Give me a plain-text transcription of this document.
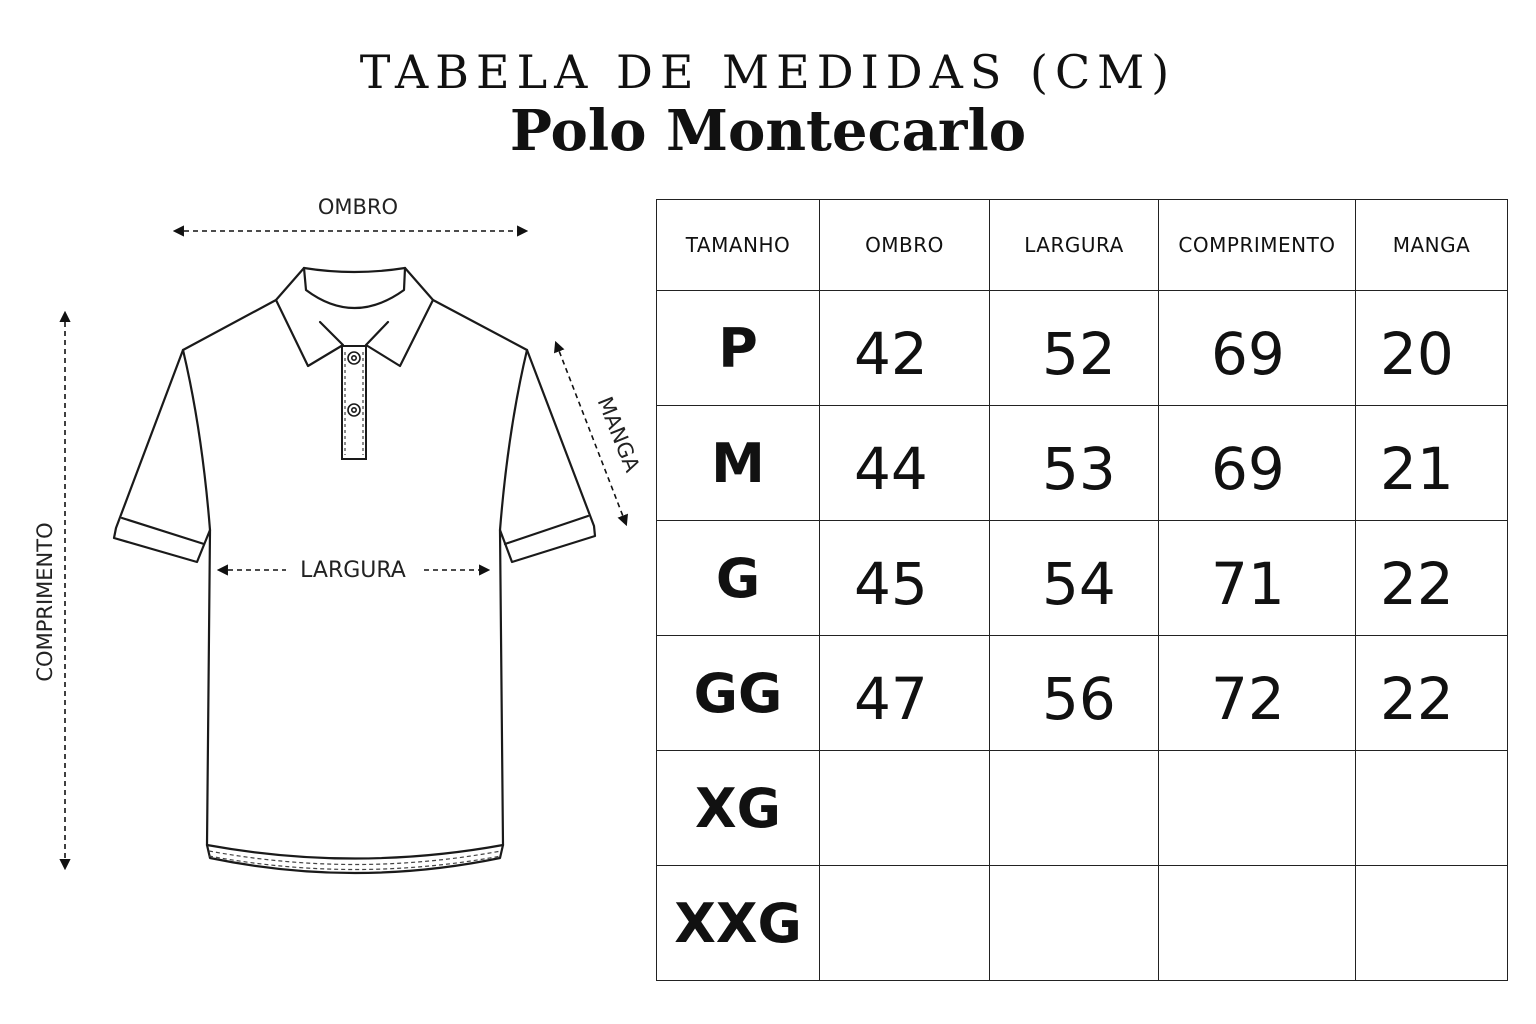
TABELA DE MEDIDAS (CM)
Polo Montecarlo
OMBRO
MANGA
LARGURA
COMPRIMENTO
TAMANHO	OMBRO	LARGURA	COMPRIMENTO	MANGA
P	42	52	69	20
M	44	53	69	21
G	45	54	71	22
GG	47	56	72	22
XG				
XXG				
